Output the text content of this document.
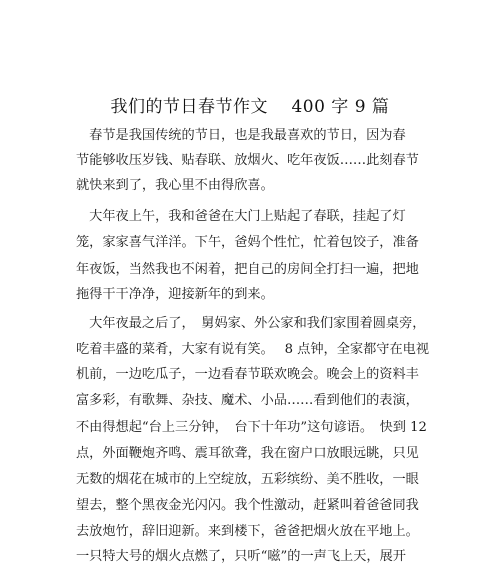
我们的节日春节作文　 400 字 9 篇
　春节是我国传统的节日，也是我最喜欢的节日，因为春
节能够收压岁钱、贴春联、放烟火、吃年夜饭……此刻春节
就快来到了，我心里不由得欣喜。
　大年夜上午，我和爸爸在大门上贴起了春联，挂起了灯
笼，家家喜气洋洋。下午，爸妈个性忙，忙着包饺子，准备
年夜饭，当然我也不闲着，把自己的房间全打扫一遍，把地
拖得干干净净，迎接新年的到来。
　大年夜最之后了，　舅妈家、外公家和我们家围着圆桌旁，
吃着丰盛的菜肴，大家有说有笑。　 8 点钟，全家都守在电视
机前，一边吃瓜子，一边看春节联欢晚会。晚会上的资料丰
富多彩，有歌舞、杂技、魔术、小品……看到他们的表演，
不由得想起“台上三分钟，　台下十年功”这句谚语。　快到 12
点，外面鞭炮齐鸣、震耳欲聋，我在窗户口放眼远眺，只见
无数的烟花在城市的上空绽放，五彩缤纷、美不胜收，一眼
望去，整个黑夜金光闪闪。我个性激动，赶紧叫着爸爸同我
去放炮竹，辞旧迎新。来到楼下，爸爸把烟火放在平地上。
一只特大号的烟火点燃了，只听“嗞”的一声飞上天，展开
